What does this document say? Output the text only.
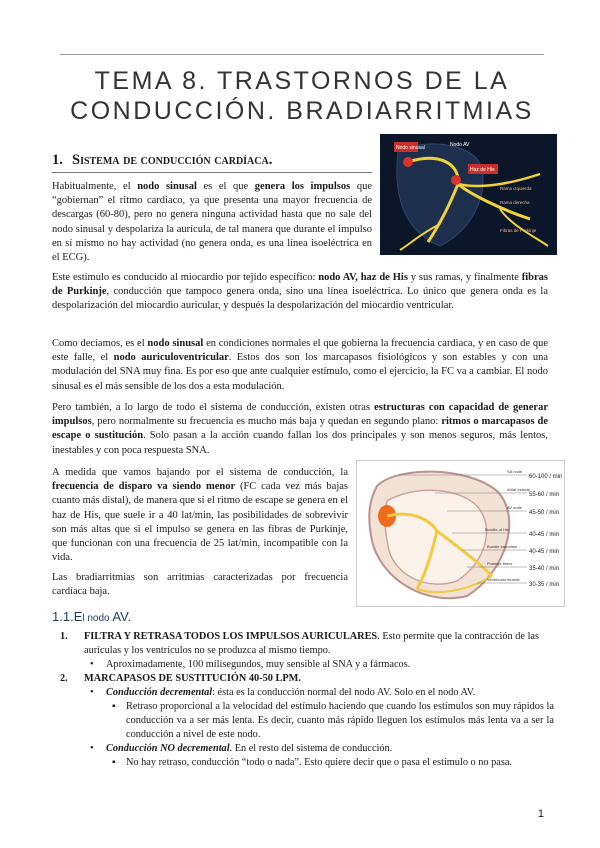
TEMA 8. TRASTORNOS DE LA
CONDUCCIÓN. BRADIARRITMIAS
1. Sistema de conducción cardíaca.
Nodo sinusal
Haz de His
Nodo AV
Rama izquierda
Rama derecha
Fibras de Purkinje

Habitualmente, el nodo sinusal es el que genera los impulsos que “gobiernan” el ritmo cardiaco, ya que presenta una mayor frecuencia de descargas (60-80), pero no genera ninguna actividad hasta que no sale del nodo sinusal y despolariza la aurícula, de tal manera que durante el impulso en sí mismo no hay actividad (no genera onda, es una línea isoeléctrica en el ECG).

Este estímulo es conducido al miocardio por tejido específico: nodo AV, haz de His y sus ramas, y finalmente fibras de Purkinje, conducción que tampoco genera onda, sino una línea isoeléctrica. Lo único que genera onda es la despolarización del miocardio auricular, y después la despolarización del miocardio ventricular.

Como decíamos, es el nodo sinusal en condiciones normales el que gobierna la frecuencia cardiaca, y en caso de que este falle, el nodo auriculoventricular. Estos dos son los marcapasos fisiológicos y son estables y con una modulación del SNA muy fina. Es por eso que ante cualquier estímulo, como el ejercicio, la FC va a cambiar. El nodo sinusal es el más sensible de los dos a esta modulación.

Pero también, a lo largo de todo el sistema de conducción, existen otras estructuras con capacidad de generar impulsos, pero normalmente su frecuencia es mucho más baja y quedan en segundo plano: ritmos o marcapasos de escape o sustitución. Solo pasan a la acción cuando fallan los dos principales y son menos seguros, más lentos, inestables y con poca respuesta SNA.

A medida que vamos bajando por el sistema de conducción, la frecuencia de disparo va siendo menor (FC cada vez más bajas cuanto más distal), de manera que si el ritmo de escape se genera en el haz de His, que suele ir a 40 lat/min, las posibilidades de sobrevivir son más altas que si el impulso se genera en las fibras de Purkinje, que funcionan con una frecuencia de 25 lat/min, incompatible con la vida.

Las bradiarritmias son arritmias caracterizadas por frecuencia cardíaca baja.

SA node
Atrial muscle
AV node
Bundle of His
Bundle branches
Purkinje fibers
Ventricular muscle
60-100 / min
55-60 / min
45-50 / min
40-45 / min
40-45 / min
35-40 / min
30-35 / min
1.1.El nodo AV.

1. FILTRA Y RETRASA TODOS LOS IMPULSOS AURICULARES. Esto permite que la contracción de las aurículas y los ventrículos no se produzca al mismo tiempo.

• Aproximadamente, 100 milisegundos, muy sensible al SNA y a fármacos.

2. MARCAPASOS DE SUSTITUCIÓN 40-50 LPM.

• Conducción decremental: ésta es la conducción normal del nodo AV. Solo en el nodo AV.

▪ Retraso proporcional a la velocidad del estímulo haciendo que cuando los estímulos son muy rápidos la conducción va a ser más lenta. Es decir, cuanto más rápido lleguen los estímulos más lenta va a ser la conducción a nivel de este nodo.

• Conducción NO decremental. En el resto del sistema de conducción.

▪ No hay retraso, conducción “todo o nada”. Esto quiere decir que o pasa el estímulo o no pasa.

1
